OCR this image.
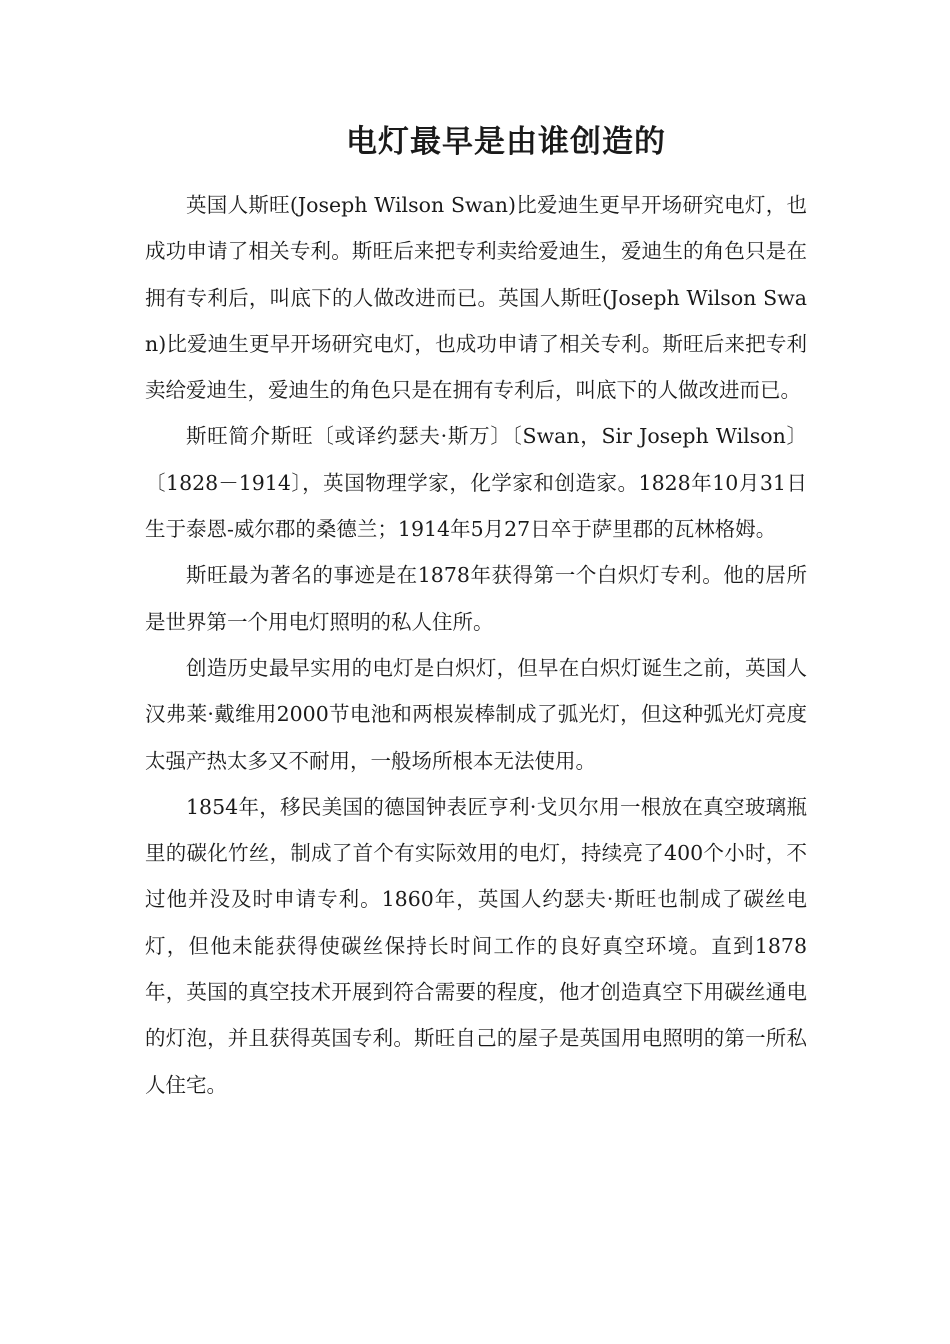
电灯最早是由谁创造的

英国人斯旺(Joseph Wilson Swan)比爱迪生更早开场研究电灯，也成功申请了相关专利。斯旺后来把专利卖给爱迪生，爱迪生的角色只是在拥有专利后，叫底下的人做改进而已。英国人斯旺(Joseph Wilson Swan)比爱迪生更早开场研究电灯，也成功申请了相关专利。斯旺后来把专利卖给爱迪生，爱迪生的角色只是在拥有专利后，叫底下的人做改进而已。

斯旺简介斯旺〔或译约瑟夫·斯万〕〔Swan，Sir Joseph Wilson〕〔1828－1914〕，英国物理学家，化学家和创造家。1828年10月31日生于泰恩-威尔郡的桑德兰；1914年5月27日卒于萨里郡的瓦林格姆。

斯旺最为著名的事迹是在1878年获得第一个白炽灯专利。他的居所是世界第一个用电灯照明的私人住所。

创造历史最早实用的电灯是白炽灯，但早在白炽灯诞生之前，英国人汉弗莱·戴维用2000节电池和两根炭棒制成了弧光灯，但这种弧光灯亮度太强产热太多又不耐用，一般场所根本无法使用。

1854年，移民美国的德国钟表匠亨利·戈贝尔用一根放在真空玻璃瓶里的碳化竹丝，制成了首个有实际效用的电灯，持续亮了400个小时，不过他并没及时申请专利。1860年，英国人约瑟夫·斯旺也制成了碳丝电灯，但他未能获得使碳丝保持长时间工作的良好真空环境。直到1878年，英国的真空技术开展到符合需要的程度，他才创造真空下用碳丝通电的灯泡，并且获得英国专利。斯旺自己的屋子是英国用电照明的第一所私人住宅。
